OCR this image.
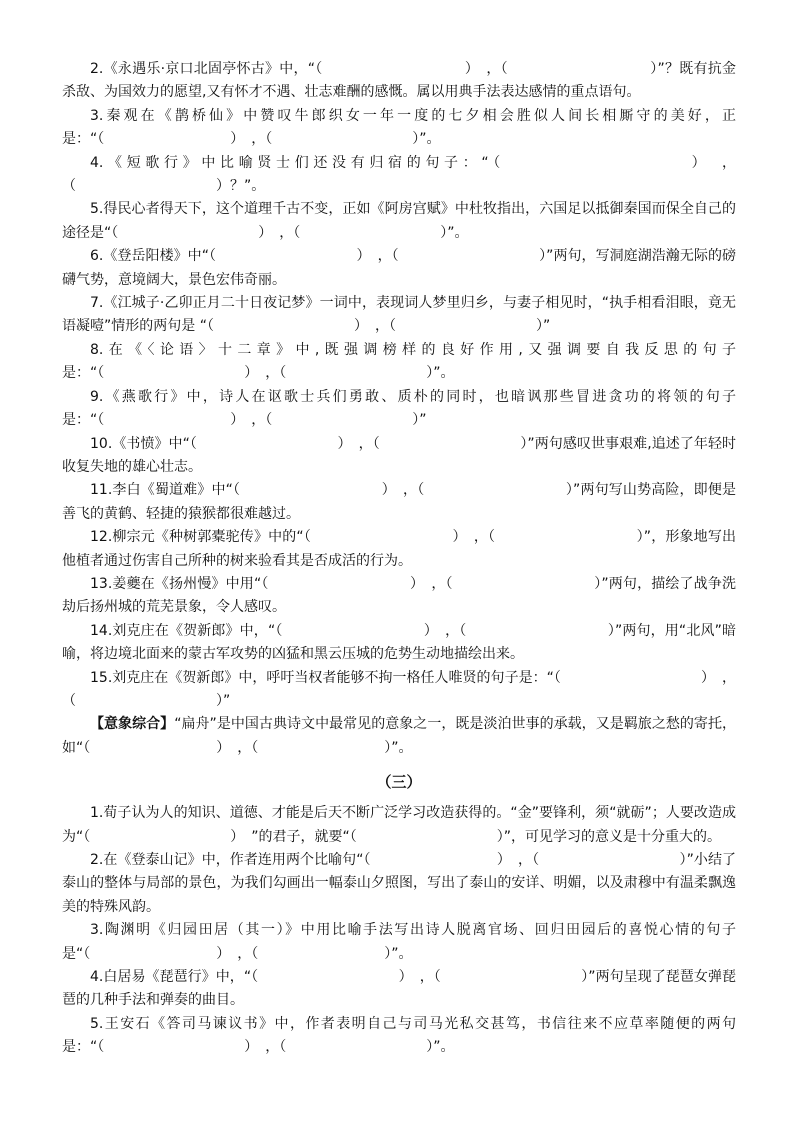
2.《永遇乐·京口北固亭怀古》中，“（　　　　　　　　　　）　，（　　　　　　　　　　）”？既有抗金杀敌、为国效力的愿望,又有怀才不遇、壮志难酬的感慨。属以用典手法表达感情的重点语句。

3.秦观在《鹊桥仙》中赞叹牛郎织女一年一度的七夕相会胜似人间长相厮守的美好，正是：“（　　　　　　　　　）　，（　　　　　　　　　　）”。

4.《短歌行》中比喻贤士们还没有归宿的句子：“（　　　　　　　　　　）　，（　　　　　　　　　　）？”。

5.得民心者得天下，这个道理千古不变，正如《阿房宫赋》中杜牧指出，六国足以抵御秦国而保全自己的途径是“（　　　　　　　　　　）　，（　　　　　　　　　　）”。

6.《登岳阳楼》中“（　　　　　　　　　　）　，（　　　　　　　　　　）”两句，写洞庭湖浩瀚无际的磅礴气势，意境阔大，景色宏伟奇丽。

7.《江城子·乙卯正月二十日夜记梦》一词中，表现词人梦里归乡，与妻子相见时，“执手相看泪眼，竟无语凝噎”情形的两句是 “（　　　　　　　　　　）　，（　　　　　　　　　　）”

8.在《〈论语〉十二章》中,既强调榜样的良好作用,又强调要自我反思的句子是：“（　　　　　　　　　　）　，（　　　　　　　　　　）”。

9.《燕歌行》中，诗人在讴歌士兵们勇敢、质朴的同时，也暗讽那些冒进贪功的将领的句子是：“（　　　　　　　　　）　，（　　　　　　　　　　）”

10.《书愤》中“（　　　　　　　　　　）　，（　　　　　　　　　　）”两句感叹世事艰难,追述了年轻时收复失地的雄心壮志。

11.李白《蜀道难》中“（　　　　　　　　　　）　，（　　　　　　　　　　）”两句写山势高险，即便是善飞的黄鹤、轻捷的猿猴都很难越过。

12.柳宗元《种树郭橐驼传》中的“（　　　　　　　　　　）　，（　　　　　　　　　　）”，形象地写出他植者通过伤害自己所种的树来验看其是否成活的行为。

13.姜夔在《扬州慢》中用“（　　　　　　　　　　）　，（　　　　　　　　　　）”两句，描绘了战争洗劫后扬州城的荒芜景象，令人感叹。

14.刘克庄在《贺新郎》中，“（　　　　　　　　　　）　，（　　　　　　　　　　）”两句，用“北风”暗喻，将边境北面来的蒙古军攻势的凶猛和黑云压城的危势生动地描绘出来。

15.刘克庄在《贺新郎》中，呼吁当权者能够不拘一格任人唯贤的句子是：“（　　　　　　　　　　）　，（　　　　　　　　　　）”

【意象综合】“扁舟”是中国古典诗文中最常见的意象之一，既是淡泊世事的承载，又是羁旅之愁的寄托，如“（　　　　　　　　　）　，（　　　　　　　　　）”。

（三）

1.荀子认为人的知识、道德、才能是后天不断广泛学习改造获得的。“金”要锋利，须“就砺”；人要改造成为“（　　　　　　　　　　）　”的君子，就要“（　　　　　　　　　　）”，可见学习的意义是十分重大的。

2.在《登泰山记》中，作者连用两个比喻句“（　　　　　　　　　）　，（　　　　　　　　　　）”小结了泰山的整体与局部的景色，为我们勾画出一幅泰山夕照图，写出了泰山的安详、明媚，以及肃穆中有温柔飘逸美的特殊风韵。

3.陶渊明《归园田居（其一）》中用比喻手法写出诗人脱离官场、回归田园后的喜悦心情的句子是“（　　　　　　　　　）　，（　　　　　　　　　）”。

4.白居易《琵琶行》中，“（　　　　　　　　　　）　，（　　　　　　　　　　）”两句呈现了琵琶女弹琵琶的几种手法和弹奏的曲目。

5.王安石《答司马谏议书》中，作者表明自己与司马光私交甚笃，书信往来不应草率随便的两句是：“（　　　　　　　　　　）　，（　　　　　　　　　　）”。
